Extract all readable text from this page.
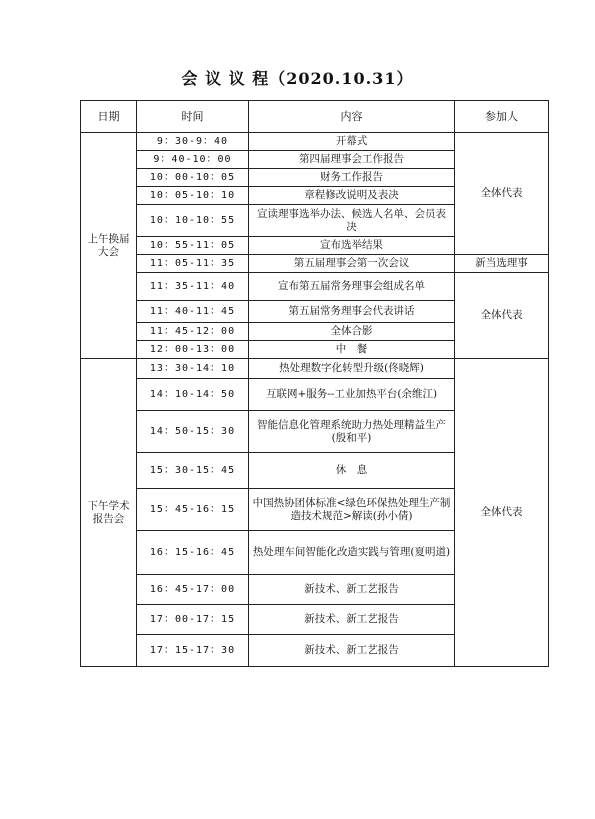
会 议 议 程（2020.10.31）
日期	时间	内容	参加人
上午换届大会	9：30-9：40	开幕式	全体代表
	9：40-10：00	第四届理事会工作报告	
	10：00-10：05	财务工作报告	
	10：05-10：10	章程修改说明及表决	
	10：10-10：55	宣读理事选举办法、候选人名单、会员表决	
	10：55-11：05	宣布选举结果	
	11：05-11：35	第五届理事会第一次会议	新当选理事
	11：35-11：40	宣布第五届常务理事会组成名单	全体代表
	11：40-11：45	第五届常务理事会代表讲话	
	11：45-12：00	全体合影	
	12：00-13：00	中　餐	
下午学术报告会	13：30-14：10	热处理数字化转型升级(佟晓辉)	全体代表
	14：10-14：50	互联网+服务--工业加热平台(余维江)	
	14：50-15：30	智能信息化管理系统助力热处理精益生产(殷和平)	
	15：30-15：45	休　息	
	15：45-16：15	中国热协团体标准<绿色环保热处理生产制造技术规范>解读(孙小倩)	
	16：15-16：45	热处理车间智能化改造实践与管理(夏明道)	
	16：45-17：00	新技术、新工艺报告	
	17：00-17：15	新技术、新工艺报告	
	17：15-17：30	新技术、新工艺报告	
